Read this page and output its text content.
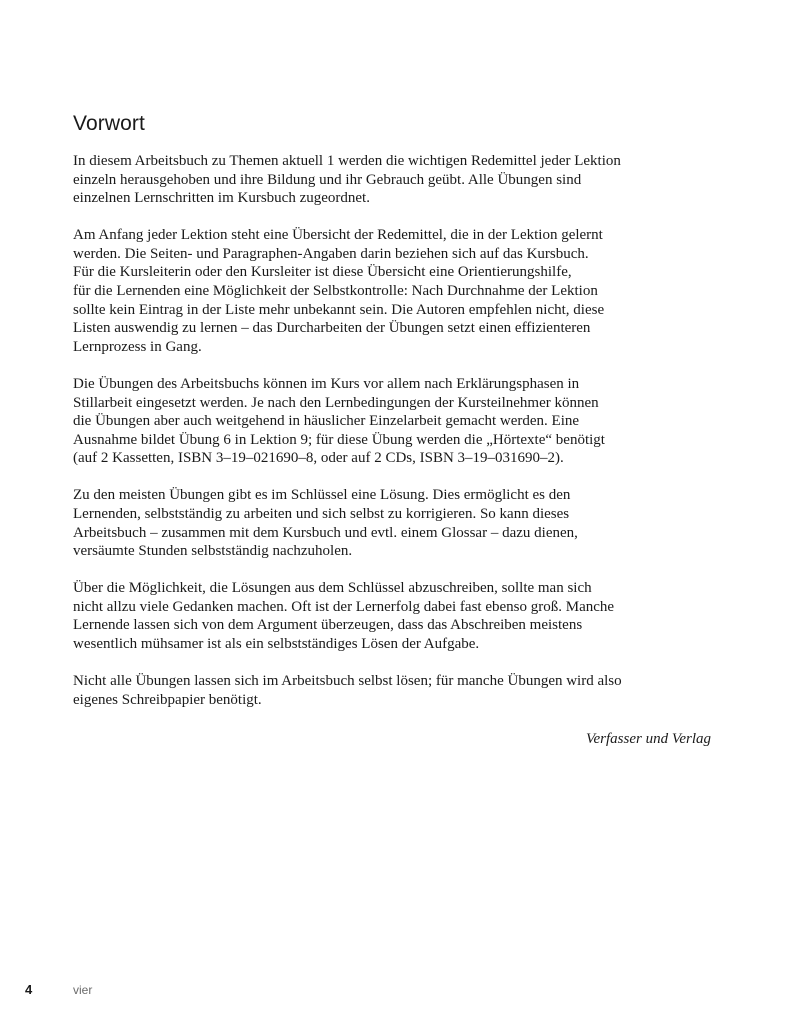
Vorwort

In diesem Arbeitsbuch zu Themen aktuell 1 werden die wichtigen Redemittel jeder Lektion
einzeln herausgehoben und ihre Bildung und ihr Gebrauch geübt. Alle Übungen sind
einzelnen Lernschritten im Kursbuch zugeordnet.

Am Anfang jeder Lektion steht eine Übersicht der Redemittel, die in der Lektion gelernt
werden. Die Seiten- und Paragraphen-Angaben darin beziehen sich auf das Kursbuch.
Für die Kursleiterin oder den Kursleiter ist diese Übersicht eine Orientierungshilfe,
für die Lernenden eine Möglichkeit der Selbstkontrolle: Nach Durchnahme der Lektion
sollte kein Eintrag in der Liste mehr unbekannt sein. Die Autoren empfehlen nicht, diese
Listen auswendig zu lernen – das Durcharbeiten der Übungen setzt einen effizienteren
Lernprozess in Gang.

Die Übungen des Arbeitsbuchs können im Kurs vor allem nach Erklärungsphasen in
Stillarbeit eingesetzt werden. Je nach den Lernbedingungen der Kursteilnehmer können
die Übungen aber auch weitgehend in häuslicher Einzelarbeit gemacht werden. Eine
Ausnahme bildet Übung 6 in Lektion 9; für diese Übung werden die „Hörtexte“ benötigt
(auf 2 Kassetten, ISBN 3–19–021690–8, oder auf 2 CDs, ISBN 3–19–031690–2).

Zu den meisten Übungen gibt es im Schlüssel eine Lösung. Dies ermöglicht es den
Lernenden, selbstständig zu arbeiten und sich selbst zu korrigieren. So kann dieses
Arbeitsbuch – zusammen mit dem Kursbuch und evtl. einem Glossar – dazu dienen,
versäumte Stunden selbstständig nachzuholen.

Über die Möglichkeit, die Lösungen aus dem Schlüssel abzuschreiben, sollte man sich
nicht allzu viele Gedanken machen. Oft ist der Lernerfolg dabei fast ebenso groß. Manche
Lernende lassen sich von dem Argument überzeugen, dass das Abschreiben meistens
wesentlich mühsamer ist als ein selbstständiges Lösen der Aufgabe.

Nicht alle Übungen lassen sich im Arbeitsbuch selbst lösen; für manche Übungen wird also
eigenes Schreibpapier benötigt.

Verfasser und Verlag

4	vier
